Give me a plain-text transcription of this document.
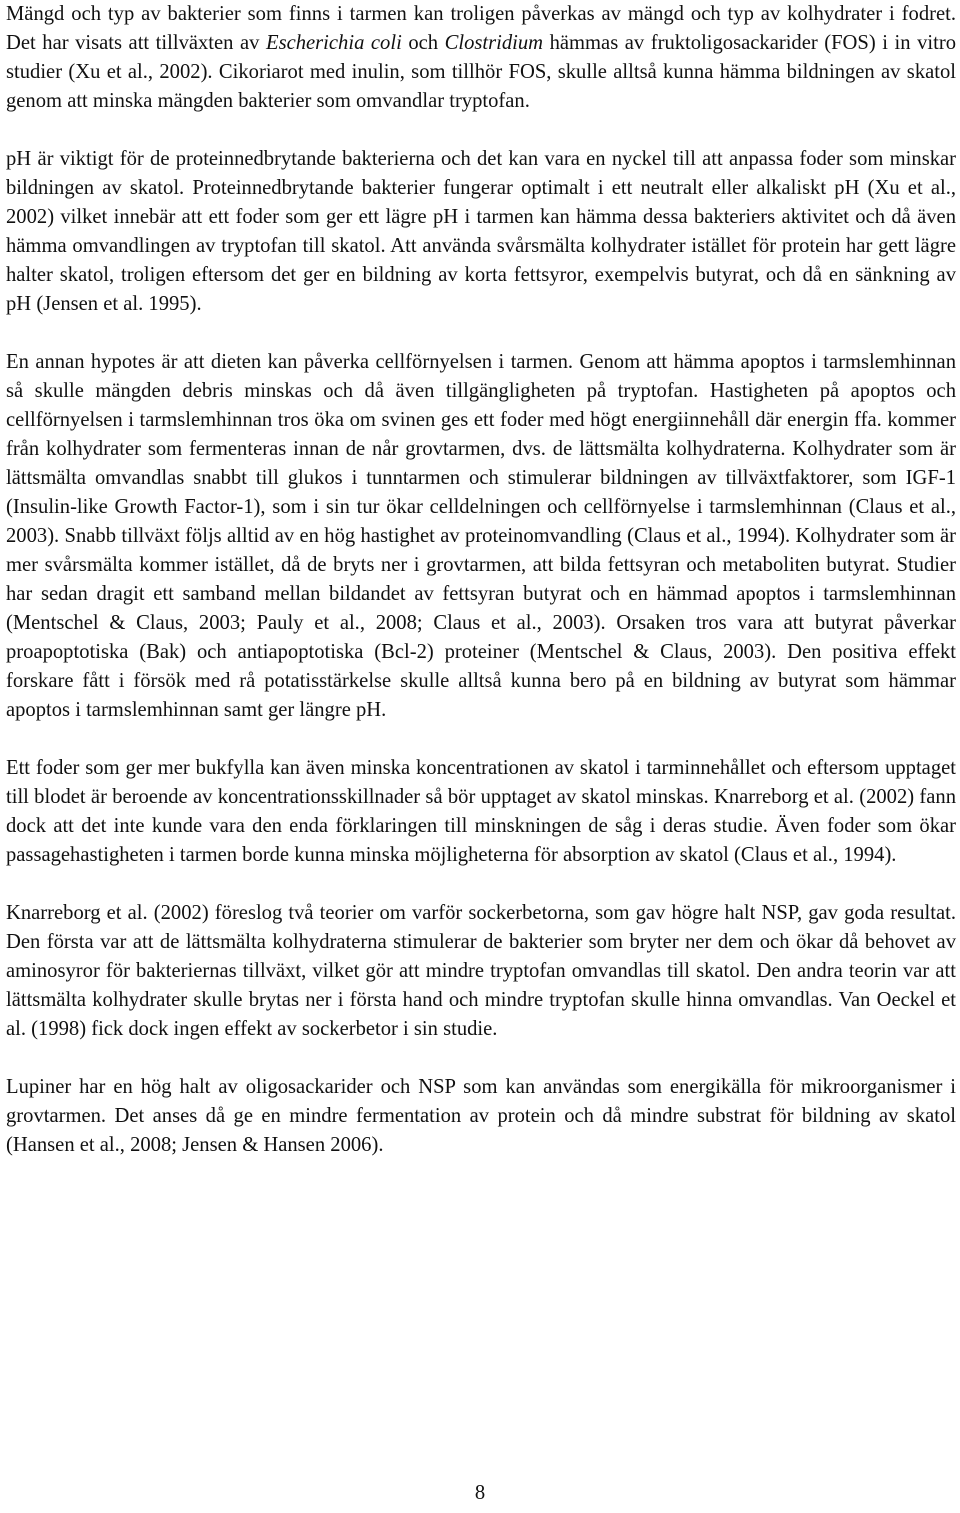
Mängd och typ av bakterier som finns i tarmen kan troligen påverkas av mängd och typ av kolhydrater i fodret. Det har visats att tillväxten av Escherichia coli och Clostridium hämmas av fruktoligosackarider (FOS) i in vitro studier (Xu et al., 2002). Cikoriarot med inulin, som tillhör FOS, skulle alltså kunna hämma bildningen av skatol genom att minska mängden bakterier som omvandlar tryptofan.

pH är viktigt för de proteinnedbrytande bakterierna och det kan vara en nyckel till att anpassa foder som minskar bildningen av skatol. Proteinnedbrytande bakterier fungerar optimalt i ett neutralt eller alkaliskt pH (Xu et al., 2002) vilket innebär att ett foder som ger ett lägre pH i tarmen kan hämma dessa bakteriers aktivitet och då även hämma omvandlingen av tryptofan till skatol. Att använda svårsmälta kolhydrater istället för protein har gett lägre halter skatol, troligen eftersom det ger en bildning av korta fettsyror, exempelvis butyrat, och då en sänkning av pH (Jensen et al. 1995).

En annan hypotes är att dieten kan påverka cellförnyelsen i tarmen. Genom att hämma apoptos i tarmslemhinnan så skulle mängden debris minskas och då även tillgängligheten på tryptofan. Hastigheten på apoptos och cellförnyelsen i tarmslemhinnan tros öka om svinen ges ett foder med högt energiinnehåll där energin ffa. kommer från kolhydrater som fermenteras innan de når grovtarmen, dvs. de lättsmälta kolhydraterna. Kolhydrater som är lättsmälta omvandlas snabbt till glukos i tunntarmen och stimulerar bildningen av tillväxtfaktorer, som IGF-1 (Insulin-like Growth Factor-1), som i sin tur ökar celldelningen och cellförnyelse i tarmslemhinnan (Claus et al., 2003). Snabb tillväxt följs alltid av en hög hastighet av proteinomvandling (Claus et al., 1994). Kolhydrater som är mer svårsmälta kommer istället, då de bryts ner i grovtarmen, att bilda fettsyran och metaboliten butyrat. Studier har sedan dragit ett samband mellan bildandet av fettsyran butyrat och en hämmad apoptos i tarmslemhinnan (Mentschel & Claus, 2003; Pauly et al., 2008; Claus et al., 2003). Orsaken tros vara att butyrat påverkar proapoptotiska (Bak) och antiapoptotiska (Bcl-2) proteiner (Mentschel & Claus, 2003). Den positiva effekt forskare fått i försök med rå potatisstärkelse skulle alltså kunna bero på en bildning av butyrat som hämmar apoptos i tarmslemhinnan samt ger längre pH.

Ett foder som ger mer bukfylla kan även minska koncentrationen av skatol i tarminnehållet och eftersom upptaget till blodet är beroende av koncentrationsskillnader så bör upptaget av skatol minskas. Knarreborg et al. (2002) fann dock att det inte kunde vara den enda förklaringen till minskningen de såg i deras studie. Även foder som ökar passagehastigheten i tarmen borde kunna minska möjligheterna för absorption av skatol (Claus et al., 1994).

Knarreborg et al. (2002) föreslog två teorier om varför sockerbetorna, som gav högre halt NSP, gav goda resultat. Den första var att de lättsmälta kolhydraterna stimulerar de bakterier som bryter ner dem och ökar då behovet av aminosyror för bakteriernas tillväxt, vilket gör att mindre tryptofan omvandlas till skatol. Den andra teorin var att lättsmälta kolhydrater skulle brytas ner i första hand och mindre tryptofan skulle hinna omvandlas. Van Oeckel et al. (1998) fick dock ingen effekt av sockerbetor i sin studie.

Lupiner har en hög halt av oligosackarider och NSP som kan användas som energikälla för mikroorganismer i grovtarmen. Det anses då ge en mindre fermentation av protein och då mindre substrat för bildning av skatol (Hansen et al., 2008; Jensen & Hansen 2006).

8
